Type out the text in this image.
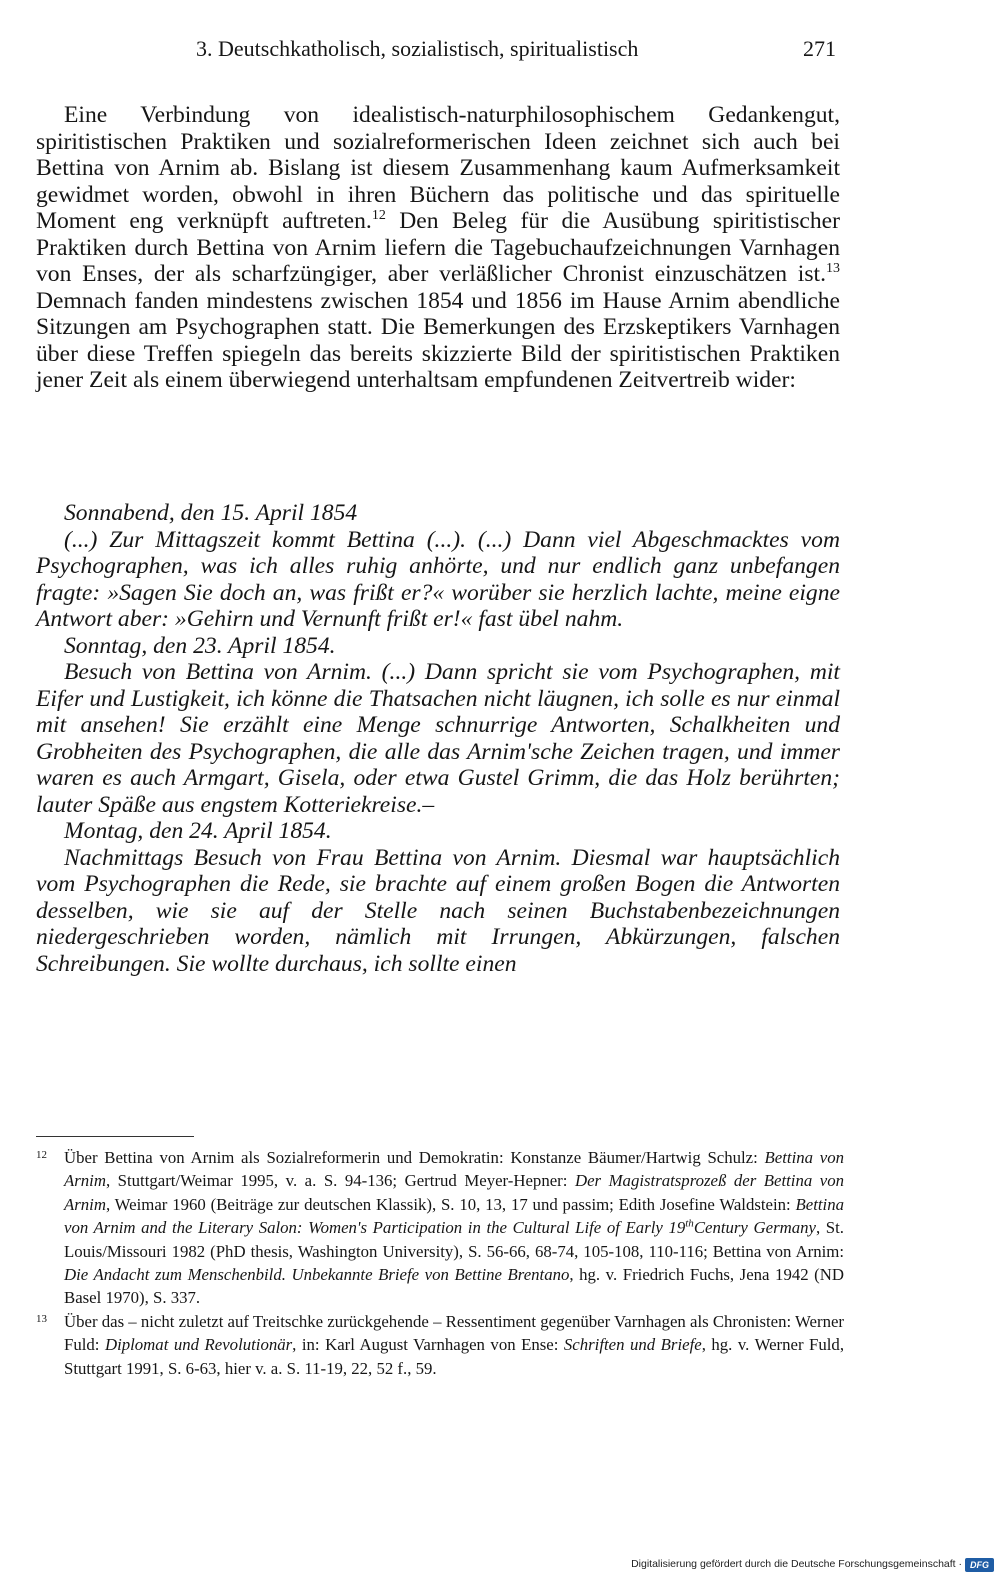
3. Deutschkatholisch, sozialistisch, spiritualistisch	271

Eine Verbindung von idealistisch-naturphilosophischem Gedankengut, spiritistischen Praktiken und sozialreformerischen Ideen zeichnet sich auch bei Bettina von Arnim ab. Bislang ist diesem Zusammenhang kaum Aufmerksamkeit gewidmet worden, obwohl in ihren Büchern das politische und das spirituelle Moment eng verknüpft auftreten.$^{12}$ Den Beleg für die Ausübung spiritistischer Praktiken durch Bettina von Arnim liefern die Tagebuchaufzeichnungen Varnhagen von Enses, der als scharfzüngiger, aber verläßlicher Chronist einzuschätzen ist.$^{13}$ Demnach fanden mindestens zwischen 1854 und 1856 im Hause Arnim abendliche Sitzungen am Psychographen statt. Die Bemerkungen des Erzskeptikers Varnhagen über diese Treffen spiegeln das bereits skizzierte Bild der spiritistischen Praktiken jener Zeit als einem überwiegend unterhaltsam empfundenen Zeitvertreib wider:

Sonnabend, den 15. April 1854

(...) Zur Mittagszeit kommt Bettina (...). (...) Dann viel Abgeschmacktes vom Psychographen, was ich alles ruhig anhörte, und nur endlich ganz unbefangen fragte: »Sagen Sie doch an, was frißt er?« worüber sie herzlich lachte, meine eigne Antwort aber: »Gehirn und Vernunft frißt er!« fast übel nahm.

Sonntag, den 23. April 1854.

Besuch von Bettina von Arnim. (...) Dann spricht sie vom Psychographen, mit Eifer und Lustigkeit, ich könne die Thatsachen nicht läugnen, ich solle es nur einmal mit ansehen! Sie erzählt eine Menge schnurrige Antworten, Schalkheiten und Grobheiten des Psychographen, die alle das Arnim'sche Zeichen tragen, und immer waren es auch Armgart, Gisela, oder etwa Gustel Grimm, die das Holz berührten; lauter Späße aus engstem Kotteriekreise.–

Montag, den 24. April 1854.

Nachmittags Besuch von Frau Bettina von Arnim. Diesmal war hauptsächlich vom Psychographen die Rede, sie brachte auf einem großen Bogen die Antworten desselben, wie sie auf der Stelle nach seinen Buchstabenbezeichnungen niedergeschrieben worden, nämlich mit Irrungen, Abkürzungen, falschen Schreibungen. Sie wollte durchaus, ich sollte einen

12 Über Bettina von Arnim als Sozialreformerin und Demokratin: Konstanze Bäumer/Hartwig Schulz: Bettina von Arnim, Stuttgart/Weimar 1995, v. a. S. 94-136; Gertrud Meyer-Hepner: Der Magistratsprozeß der Bettina von Arnim, Weimar 1960 (Beiträge zur deutschen Klassik), S. 10, 13, 17 und passim; Edith Josefine Waldstein: Bettina von Arnim and the Literary Salon: Women's Participation in the Cultural Life of Early 19thCentury Germany, St. Louis/Missouri 1982 (PhD thesis, Washington University), S. 56-66, 68-74, 105-108, 110-116; Bettina von Arnim: Die Andacht zum Menschenbild. Unbekannte Briefe von Bettine Brentano, hg. v. Friedrich Fuchs, Jena 1942 (ND Basel 1970), S. 337.

13 Über das – nicht zuletzt auf Treitschke zurückgehende – Ressentiment gegenüber Varnhagen als Chronisten: Werner Fuld: Diplomat und Revolutionär, in: Karl August Varnhagen von Ense: Schriften und Briefe, hg. v. Werner Fuld, Stuttgart 1991, S. 6-63, hier v. a. S. 11-19, 22, 52 f., 59.

Digitalisierung gefördert durch die Deutsche Forschungsgemeinschaft · DFG
